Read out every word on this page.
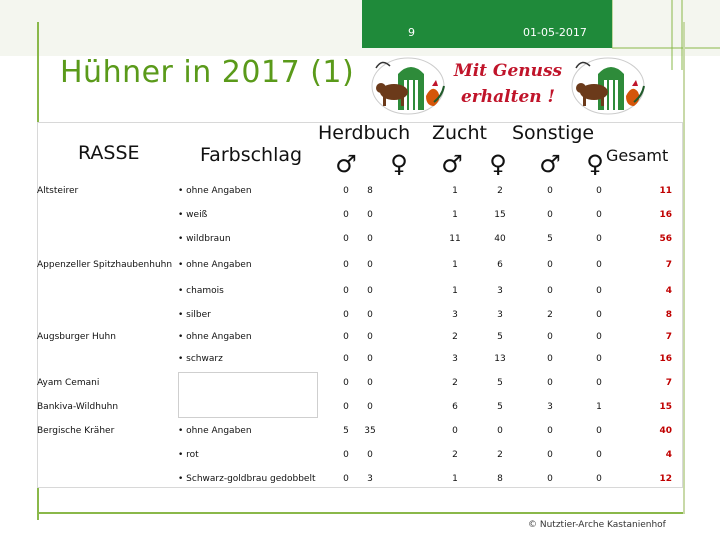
9	01-05-2017
Hühner in 2017 (1)	Mit Genuss
erhalten !
RASSE	Farbschlag
Herdbuch Zucht Sonstige
Gesamt
♂ ♀ ♂ ♀ ♂ ♀
Altsteirer	• ohne Angaben	0	8	1	2	0	0	11
• weiß	0	0	1	15	0	0	16
• wildbraun	0	0	11	40	5	0	56
Appenzeller Spitzhaubenhuhn • ohne Angaben	0	0	1	6	0	0	7
• chamois	0	0	1	3	0	0	4
• silber	0	0	3	3	2	0	8
Augsburger Huhn	• ohne Angaben	0	0	2	5	0	0	7
• schwarz	0	0	3	13	0	0	16
Ayam Cemani	0	0	2	5	0	0	7
Bankiva-Wildhuhn	0	0	6	5	3	1	15
Bergische Kräher	• ohne Angaben	5	35	0	0	0	0	40
• rot	0	0	2	2	0	0	4
• Schwarz-goldbrau gedobbelt	0	3	1	8	0	0	12
© Nutztier-Arche Kastanienhof
